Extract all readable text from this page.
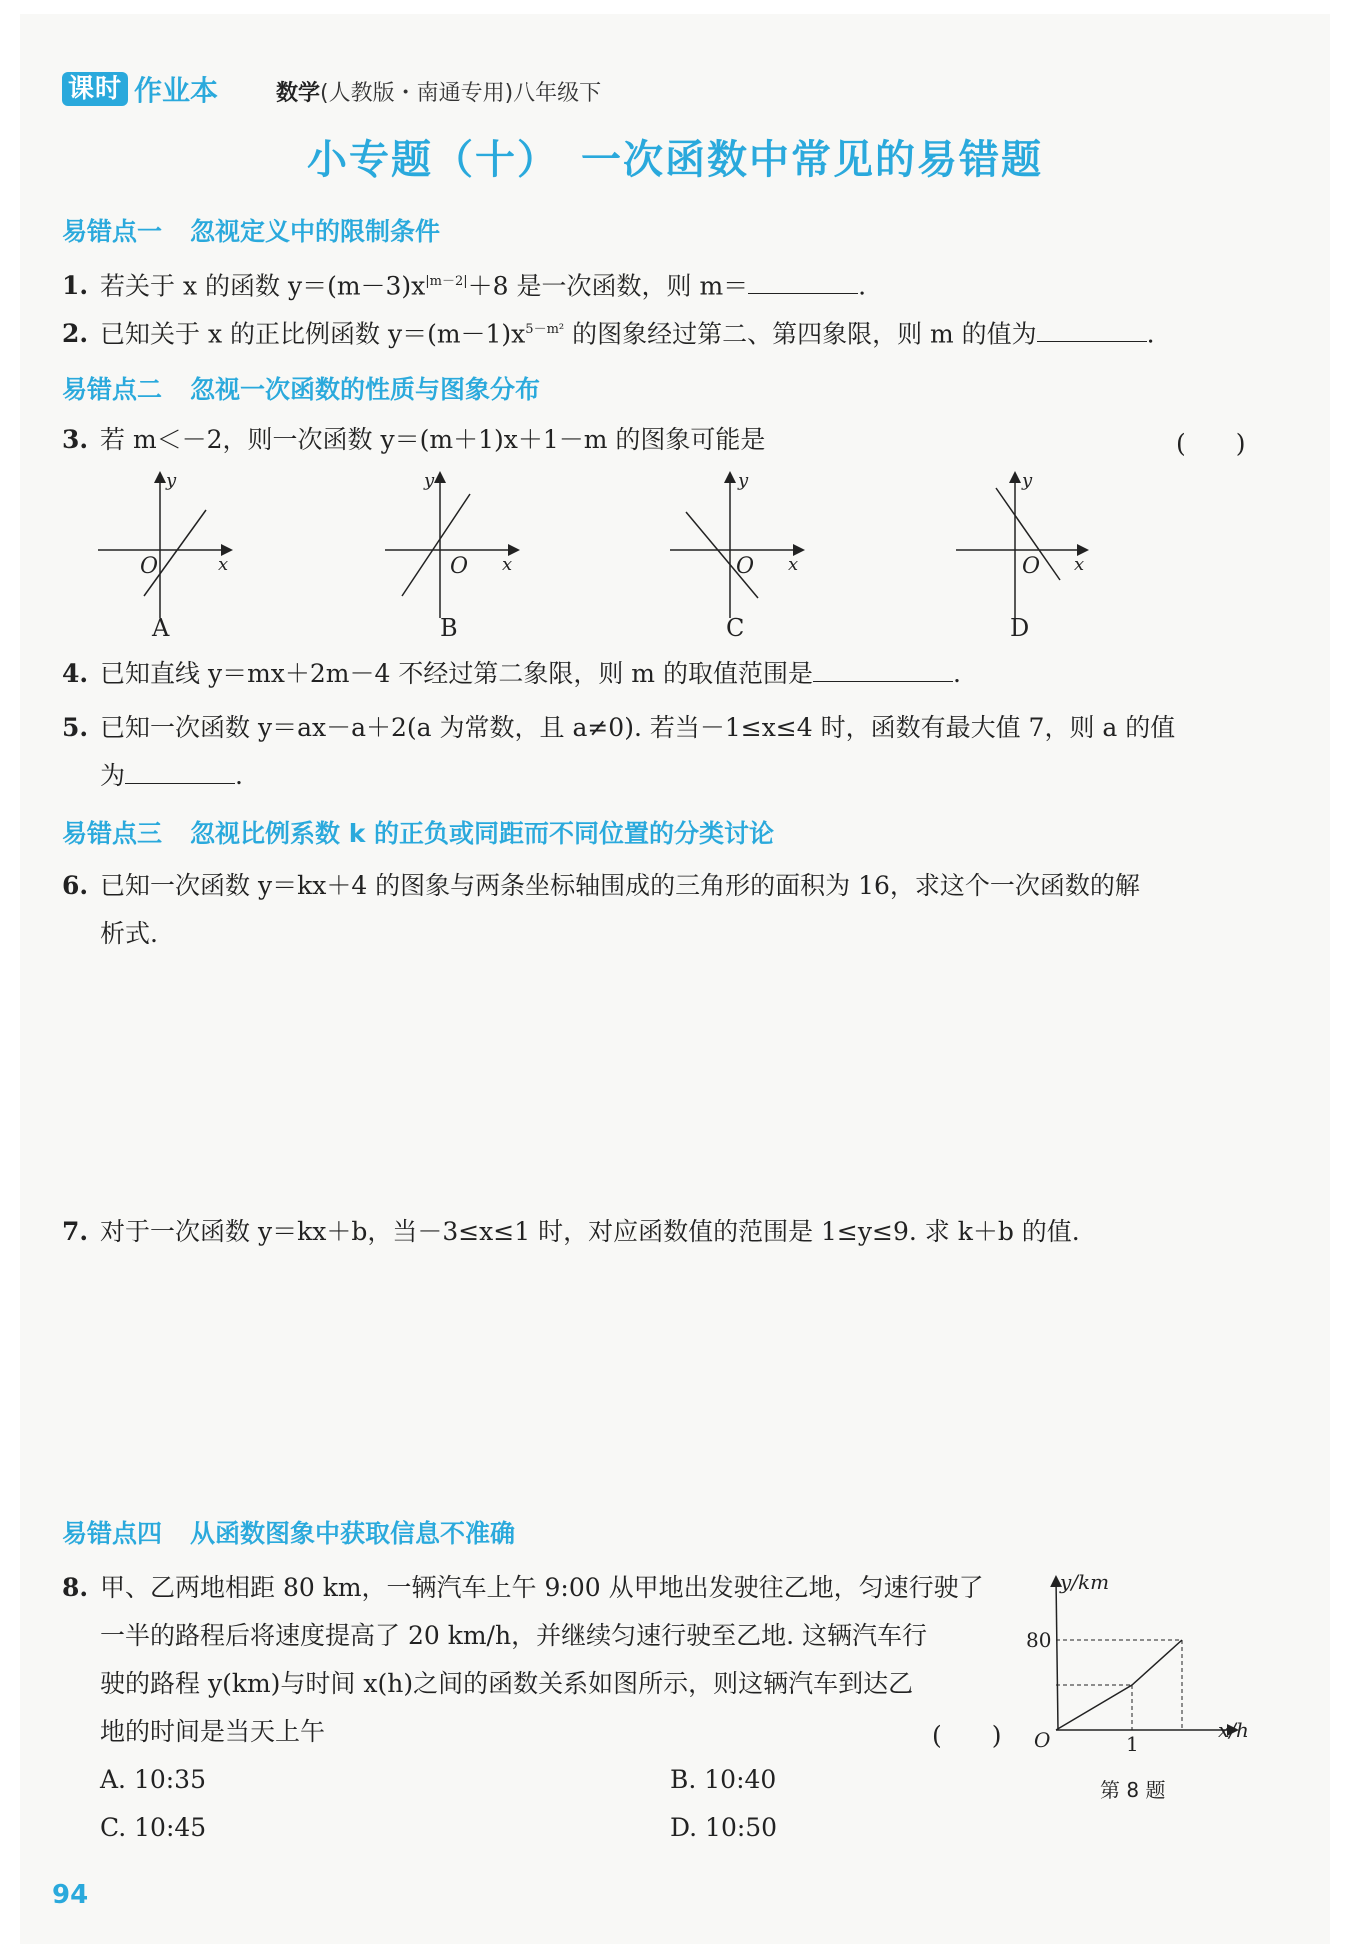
课时 作业本	数学(人教版・南通专用)八年级下
小专题（十）　一次函数中常见的易错题
易错点一 忽视定义中的限制条件
1. 若关于 x 的函数 $y=(m-3)x^{|m-2|}+8$ 是一次函数，则 m＝	.
2. 已知关于 x 的正比例函数 $y=(m-1)x^{5-m^2}$ 的图象经过第二、第四象限，则 m 的值为	.
易错点二 忽视一次函数的性质与图象分布
3. 若 m＜－2，则一次函数 y＝(m＋1)x＋1－m 的图象可能是	(　　)
y
x
O
A
y
x
O
B
y
x
O
C
y
x
O
D
4. 已知直线 y＝mx＋2m－4 不经过第二象限，则 m 的取值范围是	.
5. 已知一次函数 y＝ax－a＋2(a 为常数，且 a≠0). 若当－1≤x≤4 时，函数有最大值 7，则 a 的值
为	.
易错点三 忽视比例系数 k 的正负或同距而不同位置的分类讨论
6. 已知一次函数 y＝kx＋4 的图象与两条坐标轴围成的三角形的面积为 16，求这个一次函数的解
析式.
7. 对于一次函数 y＝kx＋b，当－3≤x≤1 时，对应函数值的范围是 1≤y≤9. 求 k＋b 的值.
易错点四 从函数图象中获取信息不准确
8. 甲、乙两地相距 80 km，一辆汽车上午 9:00 从甲地出发驶往乙地，匀速行驶了
一半的路程后将速度提高了 20 km/h，并继续匀速行驶至乙地. 这辆汽车行
驶的路程 y(km)与时间 x(h)之间的函数关系如图所示，则这辆汽车到达乙
地的时间是当天上午	(　　)
A. 10:35	B. 10:40
C. 10:45	D. 10:50
y/km
x/h
O
80
1
第 8 题
94
